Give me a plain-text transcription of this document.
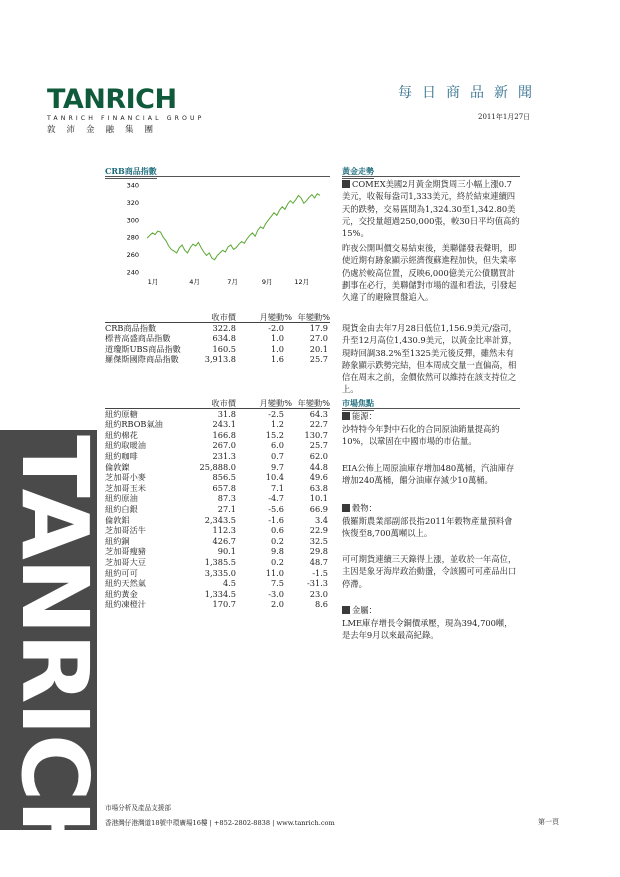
TANRICH
TANRICH FINANCIAL GROUP
敦沛金融集團
每日商品新聞
2011年1月27日
TANRICH
CRB商品指數
340
320
300
280
260
240
1月	4月	7月	9月	12月
收市價	月變動% 年變動%
CRB商品指數	322.8	-2.0	17.9
標普高盛商品指數	634.8	1.0	27.0
道瓊斯UBS商品指數	160.5	1.0	20.1
羅傑斯國際商品指數	3,913.8	1.6	25.7
收市價	月變動% 年變動%
紐約原糖	31.8	-2.5	64.3
紐約RBOB氣油	243.1	1.2	22.7
紐約棉花	166.8	15.2	130.7
紐約取暖油	267.0	6.0	25.7
紐約咖啡	231.3	0.7	62.0
倫敦鎳	25,888.0	9.7	44.8
芝加哥小麥	856.5	10.4	49.6
芝加哥玉米	657.8	7.1	63.8
紐約原油	87.3	-4.7	10.1
紐約白銀	27.1	-5.6	66.9
倫敦鋁	2,343.5	-1.6	3.4
芝加哥活牛	112.3	0.6	22.9
紐約銅	426.7	0.2	32.5
芝加哥瘦豬	90.1	9.8	29.8
芝加哥大豆	1,385.5	0.2	48.7
紐約可可	3,335.0	11.0	-1.5
紐約天然氣	4.5	7.5	-31.3
紐約黃金	1,334.5	-3.0	23.0
紐約凍橙汁	170.7	2.0	8.6
黃金走勢
COMEX美國2月黃金期貨周三小幅上漲0.7美元，收報每盎司1,333美元，終於結束連續四天的跌勢，交易區間為1,324.30至1,342.80美元，交投量超過250,000張，較30日平均值高約15%。
昨夜公開叫價交易結束後，美聯儲發表聲明，即使近期有跡象顯示經濟復蘇進程加快，但失業率仍處於較高位置，反映6,000億美元公債購買計劃事在必行，美聯儲對市場的溫和看法，引發起久違了的避險買盤追入。
現貨金由去年7月28日低位1,156.9美元/盎司，升至12月高位1,430.9美元，以黃金比率計算，現時回調38.2%至1325美元後反彈，雖然未有跡象顯示跌勢完結，但本周成交量一直偏高，相信在周末之前，金價依然可以維持在該支持位之上。
市場焦點
能源：
沙特特今年對中石化的合同原油銷量提高約10%，以鞏固在中國市場的市佔量。
EIA公佈上周原油庫存增加480萬桶，汽油庫存增加240萬桶，餾分油庫存減少10萬桶。
穀物：
俄羅斯農業部副部長指2011年穀物產量預料會恢復至8,700萬噸以上。
可可期貨連續三天錄得上漲，並收於一年高位，主因是象牙海岸政治動盪，令該國可可產品出口停滯。
金屬：
LME庫存增長令銅價承壓，現為394,700噸，是去年9月以來最高紀錄。
市場分析及產品支援部
香港灣仔港灣道18號中環廣場16樓 | +852-2802-8838 | www.tanrich.com	第一頁
